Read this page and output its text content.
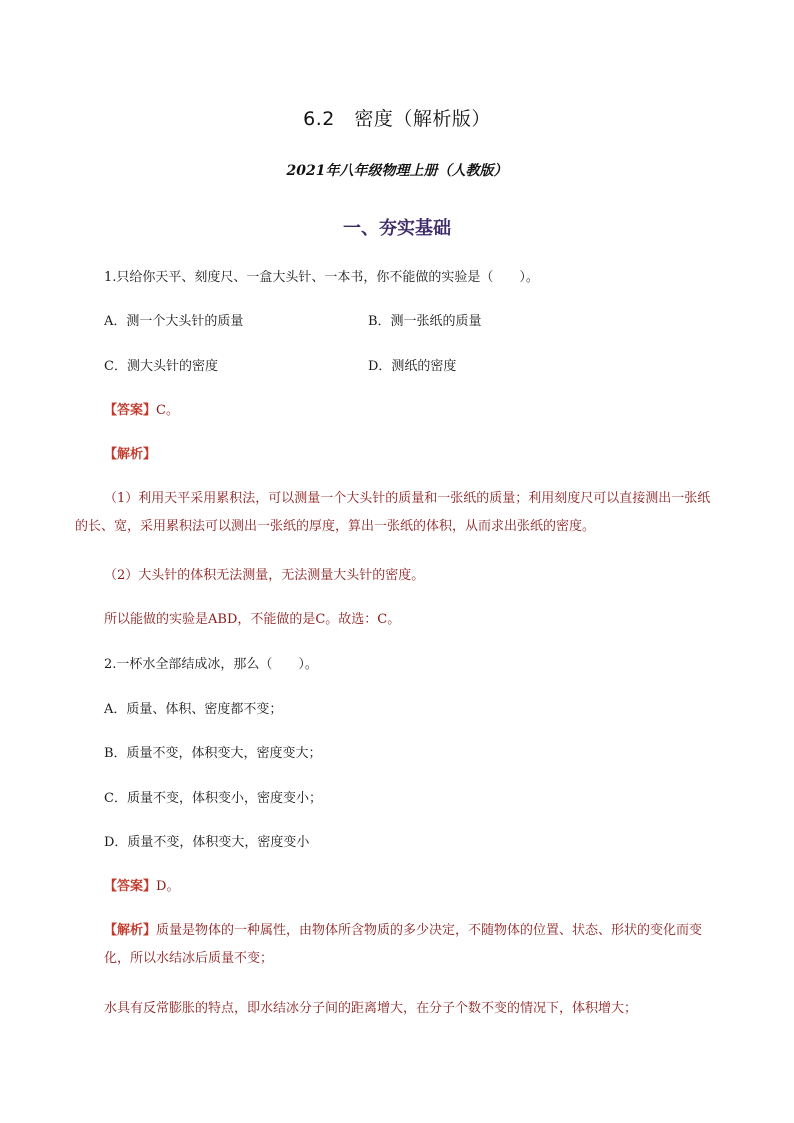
6.2　密度（解析版）
2021年八年级物理上册（人教版）
一、夯实基础
1.只给你天平、刻度尺、一盒大头针、一本书，你不能做的实验是（　　）。
A．测一个大头针的质量	B．测一张纸的质量
C．测大头针的密度	D．测纸的密度
【答案】C。
【解析】
（1）利用天平采用累积法，可以测量一个大头针的质量和一张纸的质量；利用刻度尺可以直接测出一张纸的长、宽，采用累积法可以测出一张纸的厚度，算出一张纸的体积，从而求出张纸的密度。
（2）大头针的体积无法测量，无法测量大头针的密度。
所以能做的实验是ABD，不能做的是C。故选：C。
2.一杯水全部结成冰，那么（　　）。
A．质量、体积、密度都不变；
B．质量不变，体积变大，密度变大；
C．质量不变，体积变小，密度变小；
D．质量不变，体积变大，密度变小
【答案】D。
【解析】质量是物体的一种属性，由物体所含物质的多少决定，不随物体的位置、状态、形状的变化而变化，所以水结冰后质量不变；
水具有反常膨胀的特点，即水结冰分子间的距离增大，在分子个数不变的情况下，体积增大；
